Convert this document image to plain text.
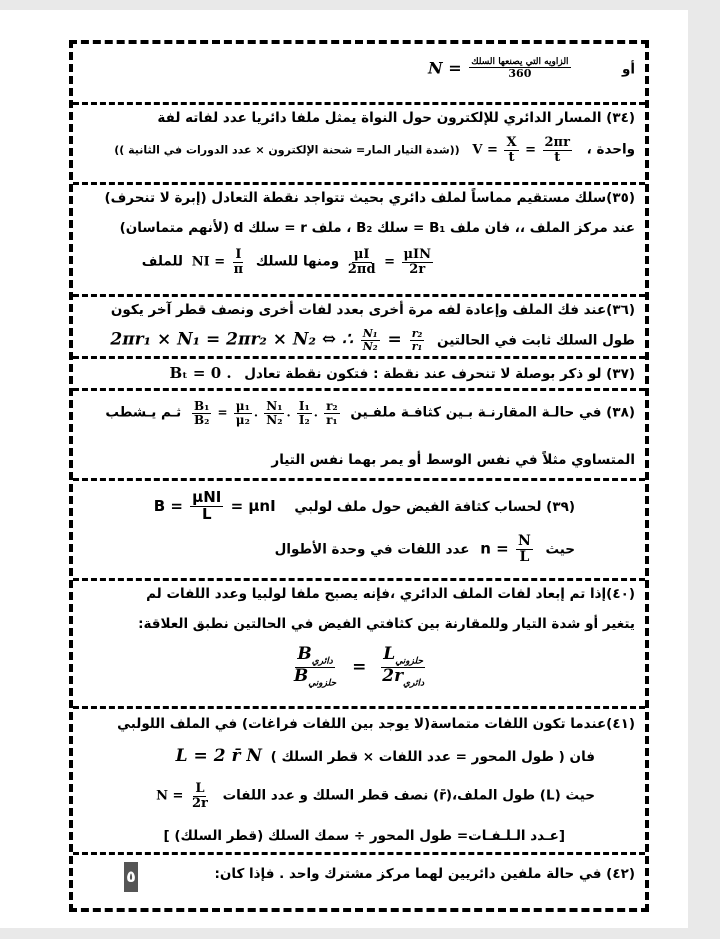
أو  $N = \frac{\text{الزاويه التي يصنعها السلك}}{360}$
(٣٤) المسار الدائري للإلكترون حول النواة يمثل ملفا دائريا عدد لفاته لفة
واحدة ، $V = \frac{X}{t} = \frac{2\pi r}{t}$
((شدة التيار المار= شحنة الإلكترون × عدد الدورات في الثانية ))
(٣٥)سلك مستقيم مماساً لملف دائري بحيث تتواجد نقطة التعادل (إبرة لا تنحرف)
عند مركز الملف ،، فان ملف B₁ = سلك B₂ ، ملف r = سلك d (لأنهم متماسان)
$\frac{\mu I}{2\pi d} = \frac{\text{μIN}}{2r}$
ومنها للسلك NI = $\frac{I}{\pi}$
للملف
(٣٦)عند فك الملف وإعادة لفه مرة أخرى بعدد لفات أخرى ونصف قطر آخر يكون
طول السلك ثابت في الحالتين 2πr₁ × N₁ = 2πr₂ × N₂ ⇔ ∴ $\frac{\text{N₁}}{\text{N₂}} = \frac{\text{r₂}}{\text{r₁}}$
(٣٧) لو ذكر بوصلة لا تنحرف عند نقطة : فتكون نقطة تعادل Bₜ = 0 .
(٣٨) في حالـة المقارنـة بـين كثافـة ملفـين
$\frac{\text{B₁}}{\text{B₂}} = \frac{\text{μ₁}}{\text{μ₂}}$ . $\frac{\text{N₁}}{\text{N₂}}$ . $\frac{\text{I₁}}{\text{I₂}}$ . $\frac{\text{r₂}}{\text{r₁}}$
ثـم يـشطب
المتساوي مثلاً في نفس الوسط أو يمر بهما نفس التيار
(٣٩) لحساب كثافة الفيض حول ملف لولبي $B = \frac{\text{μNI}}{L} = \mu nI$
حيث $n = \frac{N}{L}$
عدد اللفات في وحدة الأطوال
(٤٠)إذا تم إبعاد لفات الملف الدائري ،فإنه يصبح ملفا لولبيا وعدد اللفات لم
يتغير أو شدة التيار وللمقارنة بين كثافتي الفيض في الحالتين نطبق العلاقة:
$\frac{B_{دائري}}{B_{حلزوني}} = \frac{L_{حلزوني}}{2r_{دائري}}$
(٤١)عندما تكون اللفات متماسة(لا يوجد بين اللفات فراغات) في الملف اللولبي
فان ( طول المحور = عدد اللفات × قطر السلك ) L = 2 r̄ N
حيث (L) طول الملف،(r̄) نصف قطر السلك و عدد اللفات $N = \frac{L}{2r}$
[عـدد الـلـفـات= طول المحور ÷ سمك السلك (قطر السلك) ]
(٤٢) في حالة ملفين دائريين لهما مركز مشترك واحد . فإذا كان:
٥
